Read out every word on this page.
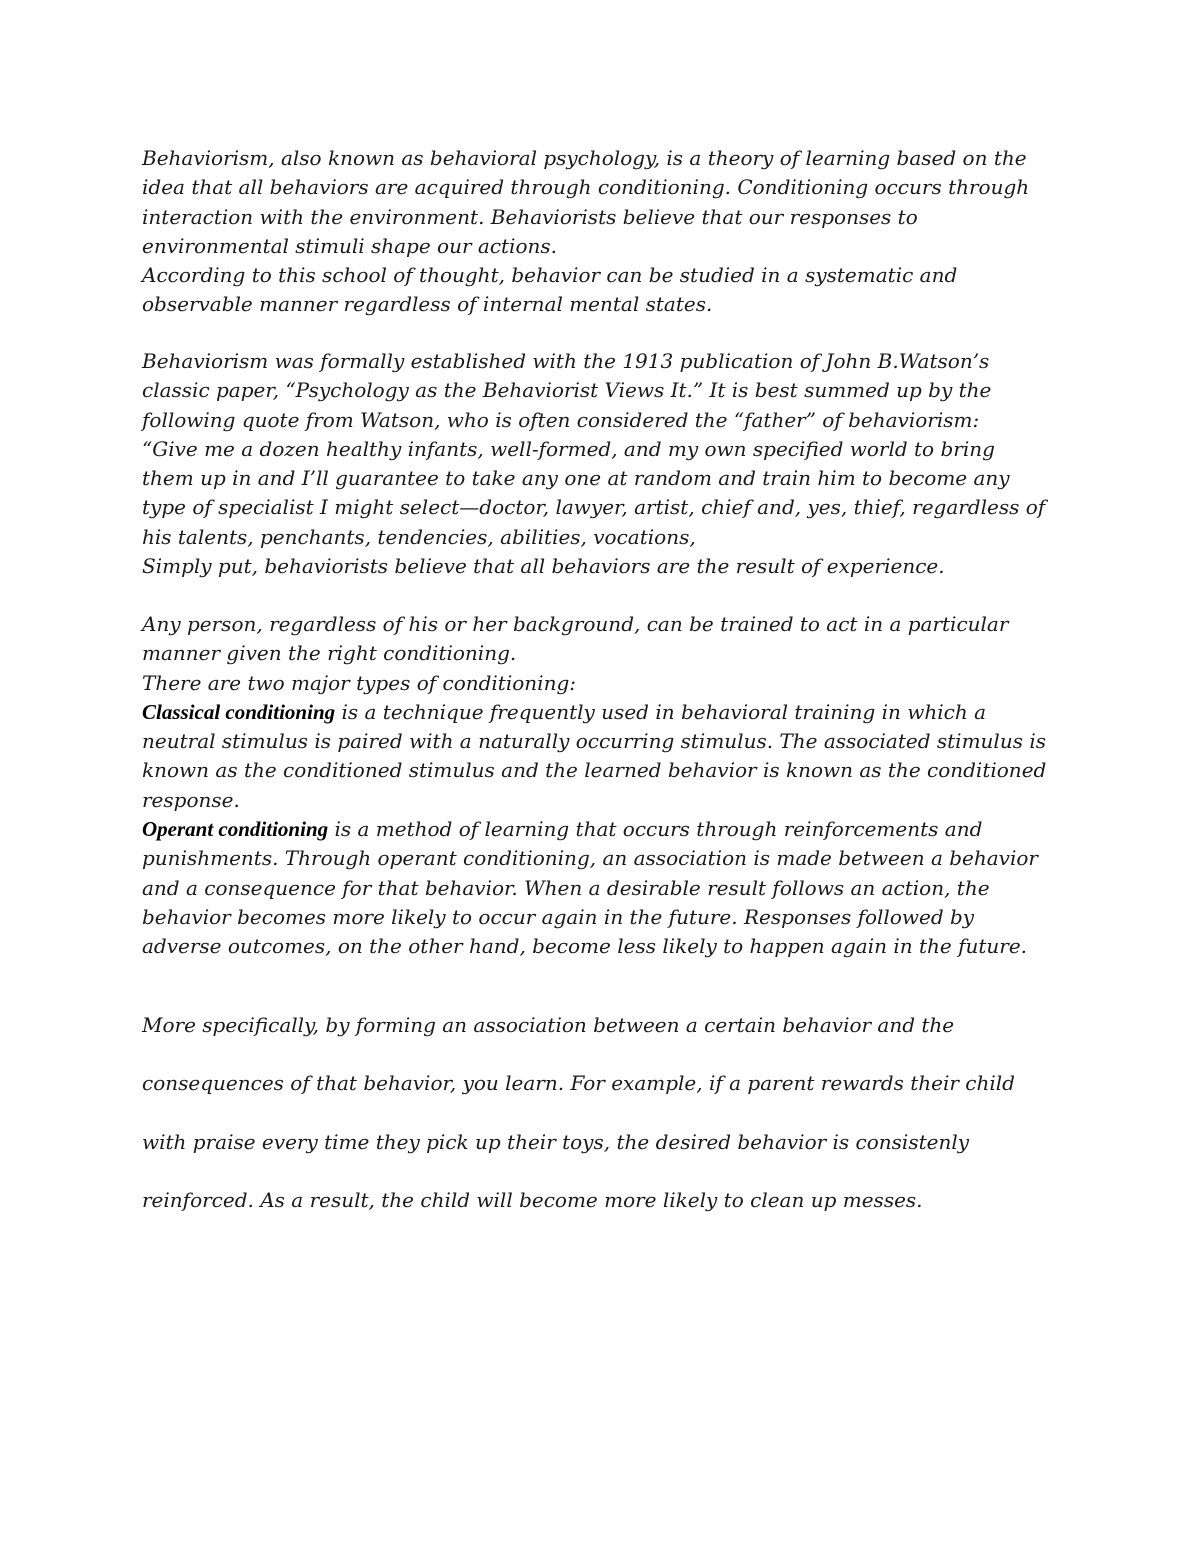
Behaviorism, also known as behavioral psychology, is a theory of learning based on the
idea that all behaviors are acquired through conditioning. Conditioning occurs through
interaction with the environment. Behaviorists believe that our responses to
environmental stimuli shape our actions.
According to this school of thought, behavior can be studied in a systematic and
observable manner regardless of internal mental states.
Behaviorism was formally established with the 1913 publication of John B.Watson’s
classic paper, “Psychology as the Behaviorist Views It.” It is best summed up by the
following quote from Watson, who is often considered the “father” of behaviorism:
“Give me a dozen healthy infants, well-formed, and my own specified world to bring
them up in and I’ll guarantee to take any one at random and train him to become any
type of specialist I might select—doctor, lawyer, artist, chief and, yes, thief, regardless of
his talents, penchants, tendencies, abilities, vocations,
Simply put, behaviorists believe that all behaviors are the result of experience.
Any person, regardless of his or her background, can be trained to act in a particular
manner given the right conditioning.
There are two major types of conditioning:
Classical conditioning is a technique frequently used in behavioral training in which a
neutral stimulus is paired with a naturally occurring stimulus. The associated stimulus is
known as the conditioned stimulus and the learned behavior is known as the conditioned
response.
Operant conditioning is a method of learning that occurs through reinforcements and
punishments. Through operant conditioning, an association is made between a behavior
and a consequence for that behavior. When a desirable result follows an action, the
behavior becomes more likely to occur again in the future. Responses followed by
adverse outcomes, on the other hand, become less likely to happen again in the future.
More specifically, by forming an association between a certain behavior and the
consequences of that behavior, you learn. For example, if a parent rewards their child
with praise every time they pick up their toys, the desired behavior is consistenly
reinforced. As a result, the child will become more likely to clean up messes.
